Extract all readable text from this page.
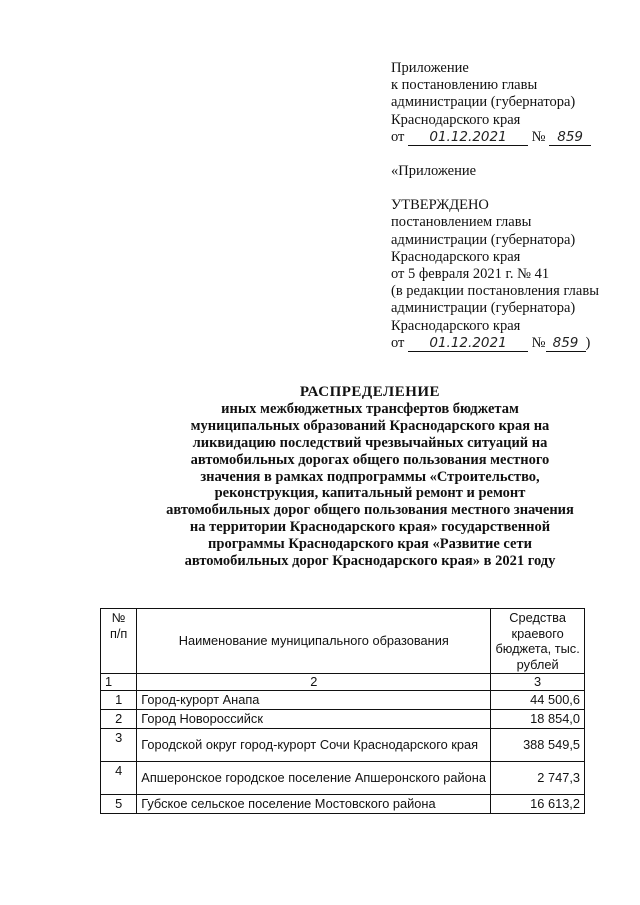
Приложение
к постановлению главы
администрации (губернатора)
Краснодарского края
от 01.12.2021 № 859
«Приложение
УТВЕРЖДЕНО
постановлением главы
администрации (губернатора)
Краснодарского края
от 5 февраля 2021 г. № 41
(в редакции постановления главы
администрации (губернатора)
Краснодарского края
от 01.12.2021 № 859 )
РАСПРЕДЕЛЕНИЕ
иных межбюджетных трансфертов бюджетам
муниципальных образований Краснодарского края на
ликвидацию последствий чрезвычайных ситуаций на
автомобильных дорогах общего пользования местного
значения в рамках подпрограммы «Строительство,
реконструкция, капитальный ремонт и ремонт
автомобильных дорог общего пользования местного значения
на территории Краснодарского края» государственной
программы Краснодарского края «Развитие сети
автомобильных дорог Краснодарского края» в 2021 году
№ п/п	Наименование муниципального образования	Средства краевого бюджета, тыс. рублей
1	2	3
1	Город-курорт Анапа	44 500,6
2	Город Новороссийск	18 854,0
3	Городской округ город-курорт Сочи Краснодарского края	388 549,5
4	Апшеронское городское поселение Апшеронского района	2 747,3
5	Губское сельское поселение Мостовского района	16 613,2
